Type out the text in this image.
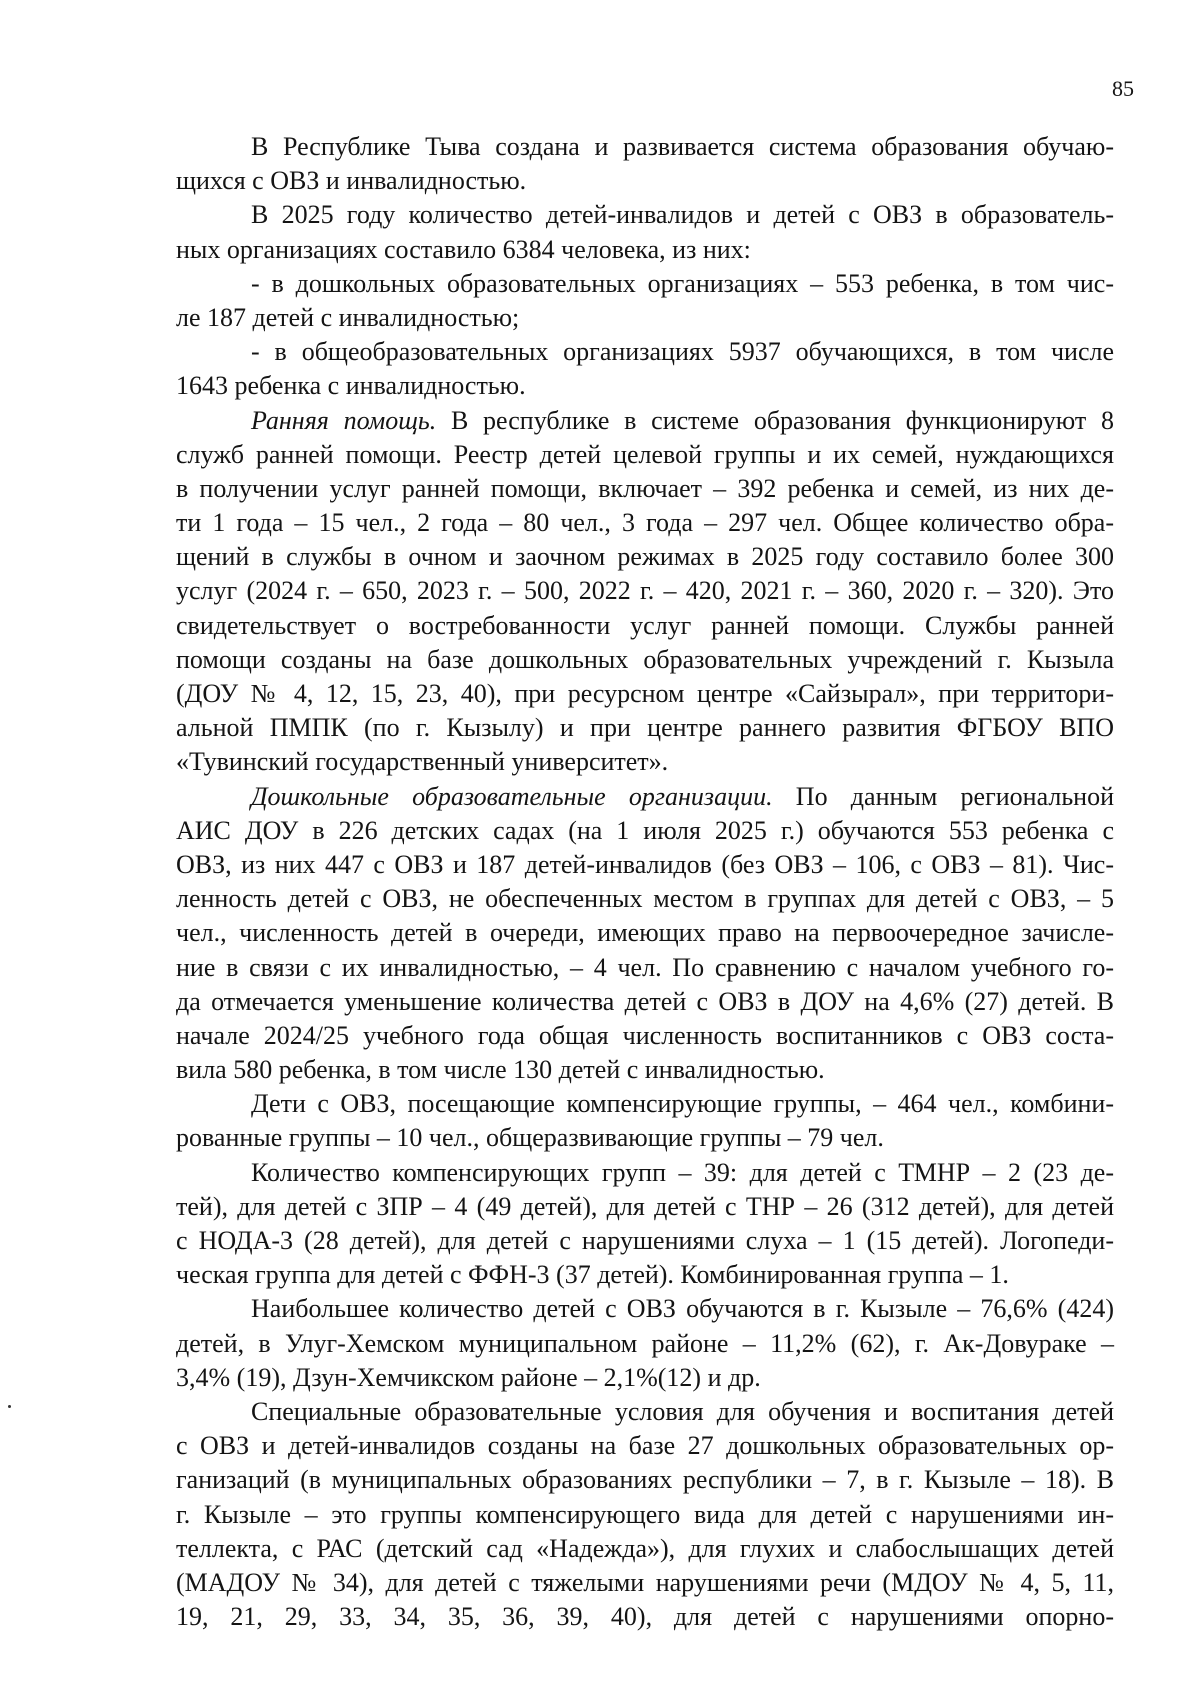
85
В Республике Тыва создана и развивается система образования обучаю-
щихся с ОВЗ и инвалидностью.
В 2025 году количество детей-инвалидов и детей с ОВЗ в образователь-
ных организациях составило 6384 человека, из них:
- в дошкольных образовательных организациях – 553 ребенка, в том чис-
ле 187 детей с инвалидностью;
- в общеобразовательных организациях 5937 обучающихся, в том числе
1643 ребенка с инвалидностью.
Ранняя помощь. В республике в системе образования функционируют 8
служб ранней помощи. Реестр детей целевой группы и их семей, нуждающихся
в получении услуг ранней помощи, включает – 392 ребенка и семей, из них де-
ти 1 года – 15 чел., 2 года – 80 чел., 3 года – 297 чел. Общее количество обра-
щений в службы в очном и заочном режимах в 2025 году составило более 300
услуг (2024 г. – 650, 2023 г. – 500, 2022 г. – 420, 2021 г. – 360, 2020 г. – 320). Это
свидетельствует о востребованности услуг ранней помощи. Службы ранней
помощи созданы на базе дошкольных образовательных учреждений г. Кызыла
(ДОУ № 4, 12, 15, 23, 40), при ресурсном центре «Сайзырал», при территори-
альной ПМПК (по г. Кызылу) и при центре раннего развития ФГБОУ ВПО
«Тувинский государственный университет».
Дошкольные образовательные организации. По данным региональной
АИС ДОУ в 226 детских садах (на 1 июля 2025 г.) обучаются 553 ребенка с
ОВЗ, из них 447 с ОВЗ и 187 детей-инвалидов (без ОВЗ – 106, с ОВЗ – 81). Чис-
ленность детей с ОВЗ, не обеспеченных местом в группах для детей с ОВЗ, – 5
чел., численность детей в очереди, имеющих право на первоочередное зачисле-
ние в связи с их инвалидностью, – 4 чел. По сравнению с началом учебного го-
да отмечается уменьшение количества детей с ОВЗ в ДОУ на 4,6% (27) детей. В
начале 2024/25 учебного года общая численность воспитанников с ОВЗ соста-
вила 580 ребенка, в том числе 130 детей с инвалидностью.
Дети с ОВЗ, посещающие компенсирующие группы, – 464 чел., комбини-
рованные группы – 10 чел., общеразвивающие группы – 79 чел.
Количество компенсирующих групп – 39: для детей с ТМНР – 2 (23 де-
тей), для детей с ЗПР – 4 (49 детей), для детей с ТНР – 26 (312 детей), для детей
с НОДА-3 (28 детей), для детей с нарушениями слуха – 1 (15 детей). Логопеди-
ческая группа для детей с ФФН-3 (37 детей). Комбинированная группа – 1.
Наибольшее количество детей с ОВЗ обучаются в г. Кызыле – 76,6% (424)
детей, в Улуг-Хемском муниципальном районе – 11,2% (62), г. Ак-Довураке –
3,4% (19), Дзун-Хемчикском районе – 2,1%(12) и др.
Специальные образовательные условия для обучения и воспитания детей
с ОВЗ и детей-инвалидов созданы на базе 27 дошкольных образовательных ор-
ганизаций (в муниципальных образованиях республики – 7, в г. Кызыле – 18). В
г. Кызыле – это группы компенсирующего вида для детей с нарушениями ин-
теллекта, с РАС (детский сад «Надежда»), для глухих и слабослышащих детей
(МАДОУ № 34), для детей с тяжелыми нарушениями речи (МДОУ № 4, 5, 11,
19, 21, 29, 33, 34, 35, 36, 39, 40), для детей с нарушениями опорно-
